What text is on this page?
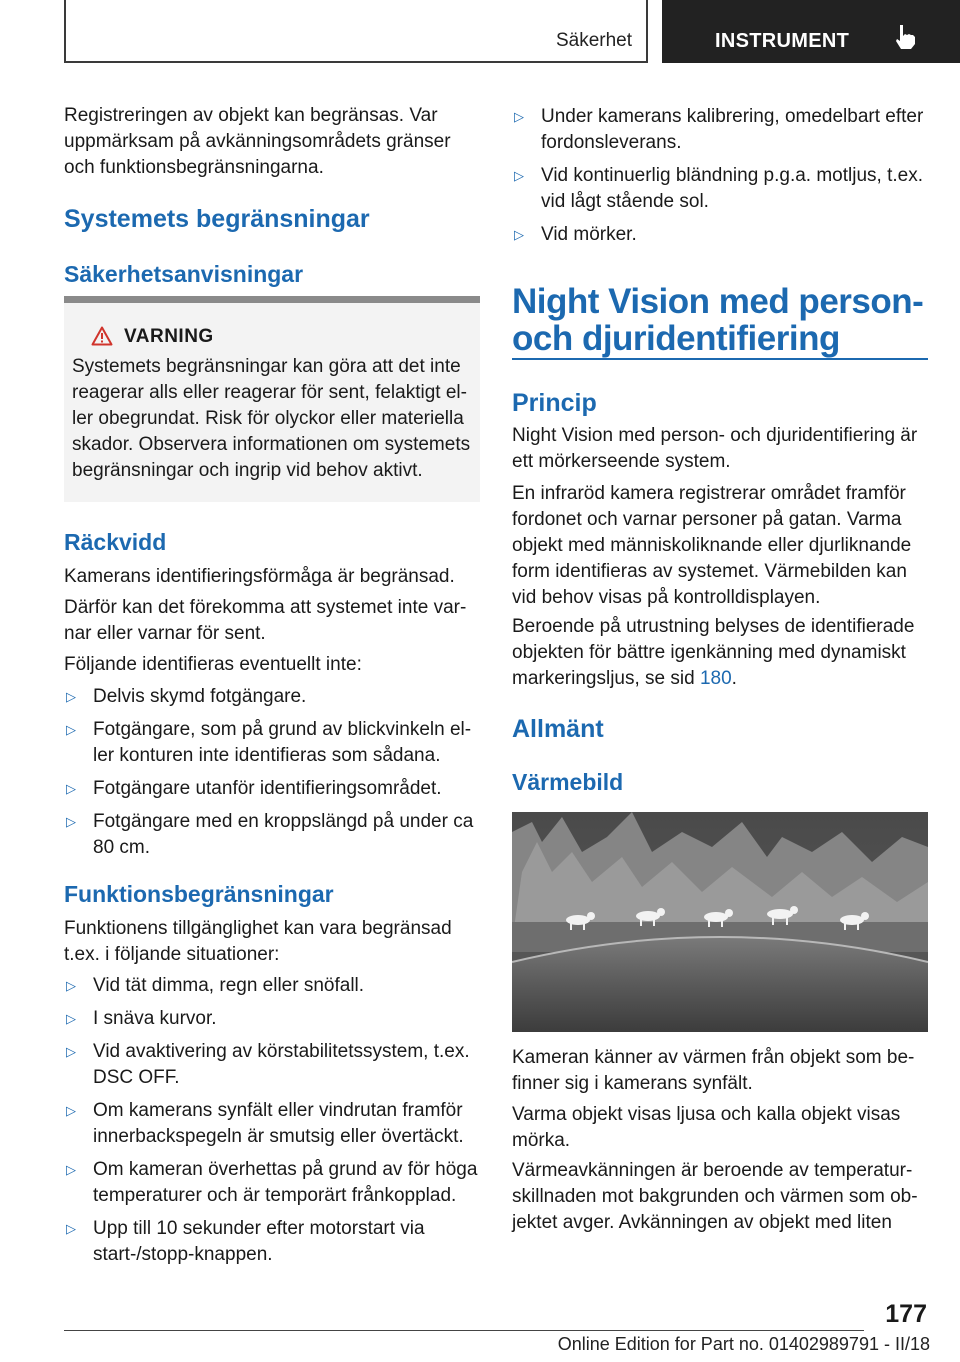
Säkerhet	INSTRUMENT

Registreringen av objekt kan begränsas. Var uppmärksam på avkänningsområdets gränser och funktionsbegränsningarna.

Systemets begränsningar
Säkerhetsanvisningar
VARNING
Systemets begränsningar kan göra att det inte reagerar alls eller reagerar för sent, felaktigt eller obegrundat. Risk för olyckor eller materiella skador. Observera informationen om systemets begränsningar och ingrip vid behov aktivt.
Räckvidd

Kamerans identifieringsförmåga är begränsad.

Därför kan det förekomma att systemet inte varnar eller varnar för sent.

Följande identifieras eventuellt inte:

▷ Delvis skymd fotgängare.
▷ Fotgängare, som på grund av blickvinkeln eller konturen inte identifieras som sådana.
▷ Fotgängare utanför identifieringsområdet.
▷ Fotgängare med en kroppslängd på under ca 80 cm.
Funktionsbegränsningar

Funktionens tillgänglighet kan vara begränsad t.ex. i följande situationer:

▷ Vid tät dimma, regn eller snöfall.
▷ I snäva kurvor.
▷ Vid avaktivering av körstabilitetssystem, t.ex. DSC OFF.
▷ Om kamerans synfält eller vindrutan framför innerbackspegeln är smutsig eller övertäckt.
▷ Om kameran överhettas på grund av för höga temperaturer och är temporärt frånkopplad.
▷ Upp till 10 sekunder efter motorstart via start-/stopp-knappen.
▷ Under kamerans kalibrering, omedelbart efter fordonsleverans.
▷ Vid kontinuerlig bländning p.g.a. motljus, t.ex. vid lågt stående sol.
▷ Vid mörker.
Night Vision med person-
och djuridentifiering
Princip

Night Vision med person- och djuridentifiering är ett mörkerseende system.

En infraröd kamera registrerar området framför fordonet och varnar personer på gatan. Varma objekt med människoliknande eller djurliknande form identifieras av systemet. Värmebilden kan vid behov visas på kontrolldisplayen.

Beroende på utrustning belyses de identifierade objekten för bättre igenkänning med dynamiskt markeringsljus, se sid 180.

Allmänt
Värmebild

Kameran känner av värmen från objekt som befinner sig i kamerans synfält.

Varma objekt visas ljusa och kalla objekt visas mörka.

Värmeavkänningen är beroende av temperaturskillnaden mot bakgrunden och värmen som objektet avger. Avkänningen av objekt med liten

177
Online Edition for Part no. 01402989791 - II/18
